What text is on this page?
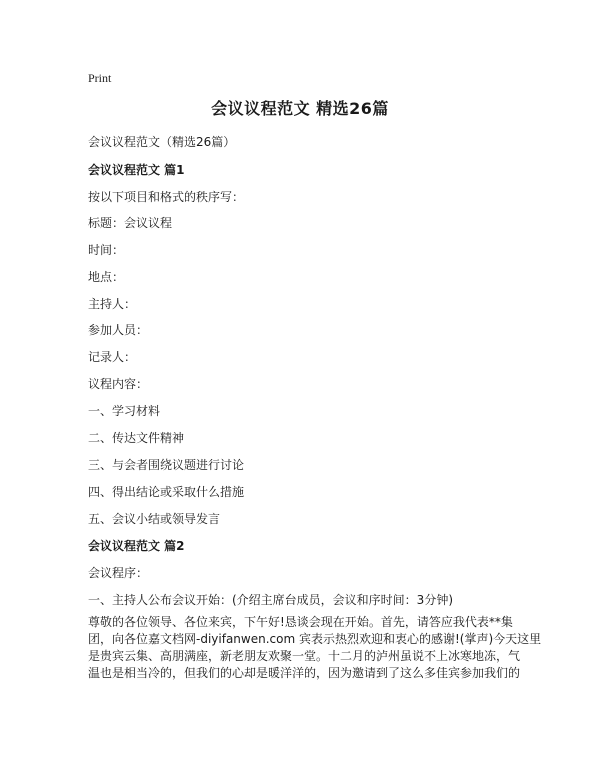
Print
会议议程范文 精选26篇
会议议程范文（精选26篇）
会议议程范文 篇1
按以下项目和格式的秩序写：
标题：会议议程
时间：
地点：
主持人：
参加人员：
记录人：
议程内容：
一、学习材料
二、传达文件精神
三、与会者围绕议题进行讨论
四、得出结论或采取什么措施
五、会议小结或领导发言
会议议程范文 篇2
会议程序：
一、主持人公布会议开始：(介绍主席台成员，会议和序时间：3分钟)
尊敬的各位领导、各位来宾，下午好!恳谈会现在开始。首先，请答应我代表**集
团，向各位嘉文档网-diyifanwen.com 宾表示热烈欢迎和衷心的感谢!(掌声)今天这里
是贵宾云集、高朋满座，新老朋友欢聚一堂。十二月的泸州虽说不上冰寒地冻，气
温也是相当冷的，但我们的心却是暖洋洋的，因为邀请到了这么多佳宾参加我们的
